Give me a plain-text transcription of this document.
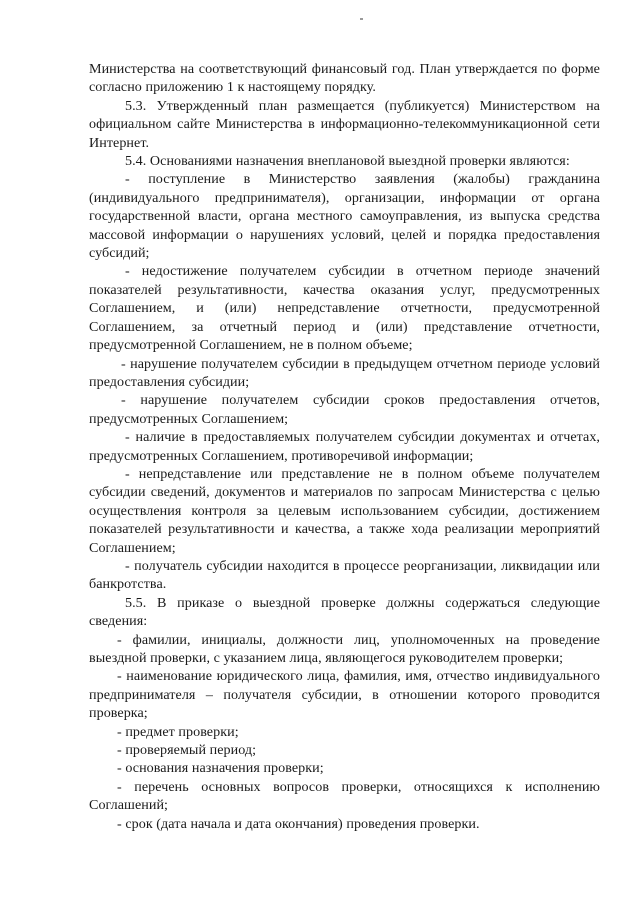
Министерства на соответствующий финансовый год. План утверждается по форме согласно приложению 1 к настоящему порядку.

5.3. Утвержденный план размещается (публикуется) Министерством на официальном сайте Министерства в информационно-телекоммуникационной сети Интернет.

5.4. Основаниями назначения внеплановой выездной проверки являются:

- поступление в Министерство заявления (жалобы) гражданина (индивидуального предпринимателя), организации, информации от органа государственной власти, органа местного самоуправления, из выпуска средства массовой информации о нарушениях условий, целей и порядка предоставления субсидий;

- недостижение получателем субсидии в отчетном периоде значений показателей результативности, качества оказания услуг, предусмотренных Соглашением, и (или) непредставление отчетности, предусмотренной Соглашением, за отчетный период и (или) представление отчетности, предусмотренной Соглашением, не в полном объеме;

- нарушение получателем субсидии в предыдущем отчетном периоде условий предоставления субсидии;

- нарушение получателем субсидии сроков предоставления отчетов, предусмотренных Соглашением;

- наличие в предоставляемых получателем субсидии документах и отчетах, предусмотренных Соглашением, противоречивой информации;

- непредставление или представление не в полном объеме получателем субсидии сведений, документов и материалов по запросам Министерства с целью осуществления контроля за целевым использованием субсидии, достижением показателей результативности и качества, а также хода реализации мероприятий Соглашением;

- получатель субсидии находится в процессе реорганизации, ликвидации или банкротства.

5.5. В приказе о выездной проверке должны содержаться следующие сведения:

- фамилии, инициалы, должности лиц, уполномоченных на проведение выездной проверки, с указанием лица, являющегося руководителем проверки;

- наименование юридического лица, фамилия, имя, отчество индивидуального предпринимателя – получателя субсидии, в отношении которого проводится проверка;

- предмет проверки;

- проверяемый период;

- основания назначения проверки;

- перечень основных вопросов проверки, относящихся к исполнению Соглашений;

- срок (дата начала и дата окончания) проведения проверки.
